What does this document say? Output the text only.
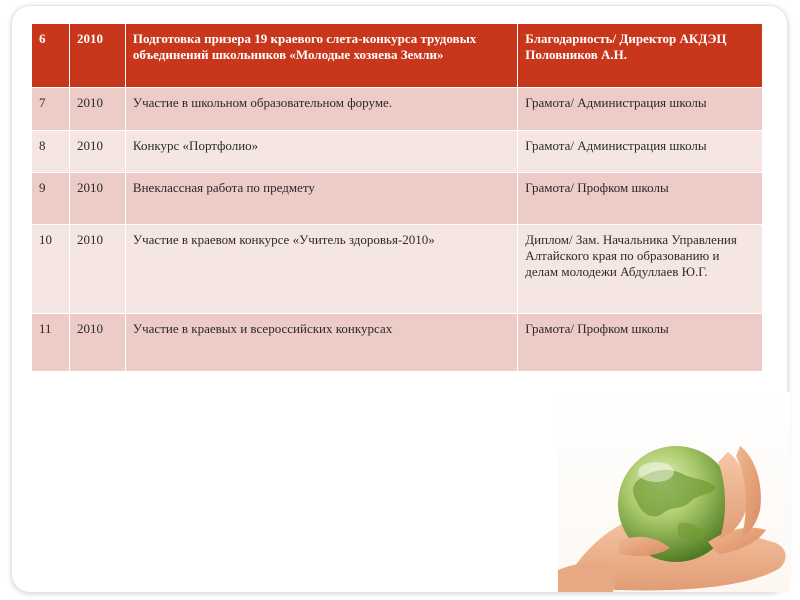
6	2010	Подготовка призера 19 краевого слета-конкурса трудовых объединений школьников «Молодые хозяева Земли»	Благодарность/ Директор АКДЭЦ Половников А.Н.
7	2010	Участие в школьном образовательном форуме.	Грамота/ Администрация школы
8	2010	Конкурс «Портфолио»	Грамота/ Администрация школы
9	2010	Внеклассная работа по предмету	Грамота/ Профком школы
10	2010	Участие в краевом конкурсе «Учитель здоровья-2010»	Диплом/ Зам. Начальника Управления Алтайского края по образованию и делам молодежи Абдуллаев Ю.Г.
11	2010	Участие в краевых и всероссийских конкурсах	Грамота/ Профком школы
